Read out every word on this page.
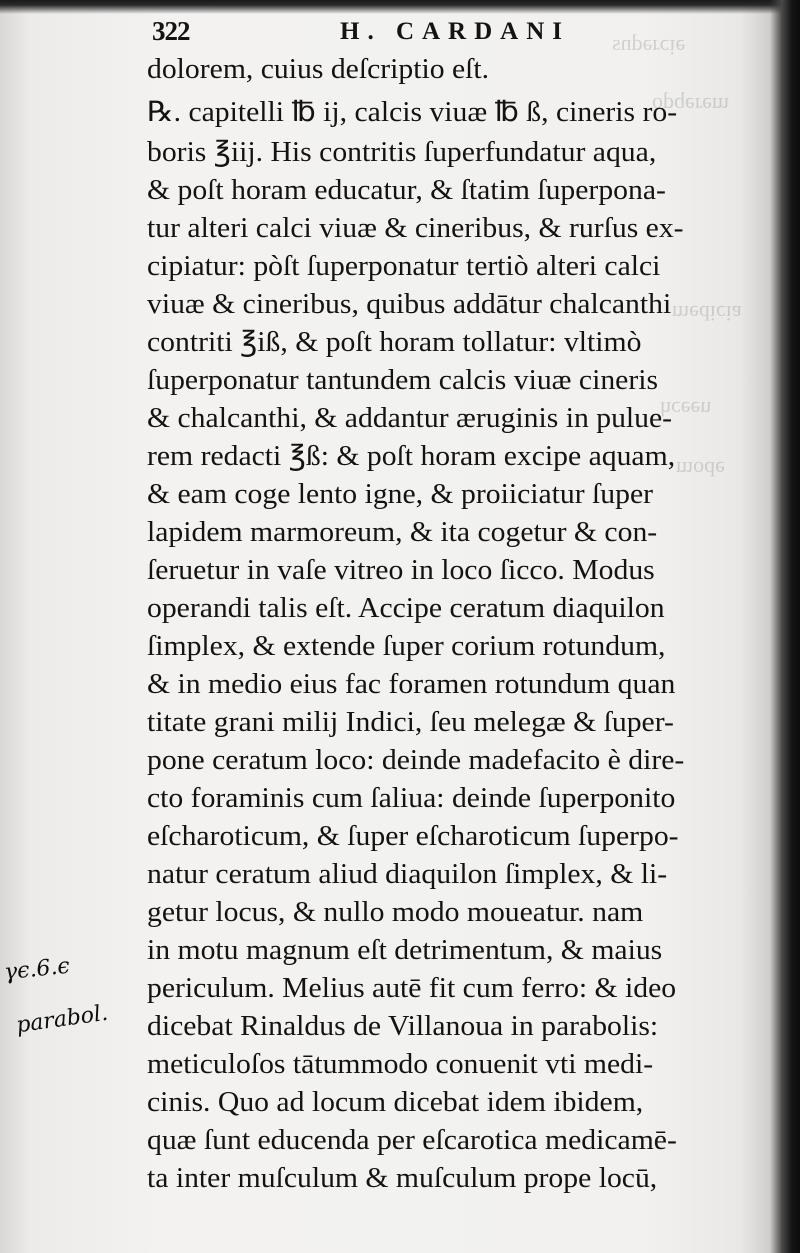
ǝᴉɔɹǝdns
ɯǝɹǝbdo
ɐᴉɔᴉpǝɯ
uǝǝɔɥ
ǝpoɯ
322	H. CARDANI
dolorem, cuius deſcriptio eſt.
℞. capitelli ℔ ij, calcis viuæ ℔ ß, cineris ro-
boris ℥iij. His contritis ſuperfundatur aqua,
& poſt horam educatur, & ſtatim ſuperpona-
tur alteri calci viuæ & cineribus, & rurſus ex-
cipiatur: pòſt ſuperponatur tertiò alteri calci
viuæ & cineribus, quibus addātur chalcanthi
contriti ℥iß, & poſt horam tollatur: vltimò
ſuperponatur tantundem calcis viuæ cineris
& chalcanthi, & addantur æruginis in pulue-
rem redacti ℥ß: & poſt horam excipe aquam,
& eam coge lento igne, & proiiciatur ſuper
lapidem marmoreum, & ita cogetur & con-
ſeruetur in vaſe vitreo in loco ſicco. Modus
operandi talis eſt. Accipe ceratum diaquilon
ſimplex, & extende ſuper corium rotundum,
& in medio eius fac foramen rotundum quan
titate grani milij Indici, ſeu melegæ & ſuper-
pone ceratum loco: deinde madefacito è dire-
cto foraminis cum ſaliua: deinde ſuperponito
eſcharoticum, & ſuper eſcharoticum ſuperpo-
natur ceratum aliud diaquilon ſimplex, & li-
getur locus, & nullo modo moueatur. nam
in motu magnum eſt detrimentum, & maius
periculum. Melius autē fit cum ferro: & ideo
dicebat Rinaldus de Villanoua in parabolis:
meticuloſos tātummodo conuenit vti medi-
cinis. Quo ad locum dicebat idem ibidem,
quæ ſunt educenda per eſcarotica medicamē-
ta inter muſculum & muſculum prope locū,
γϵ.6.ϵ
parabol.
